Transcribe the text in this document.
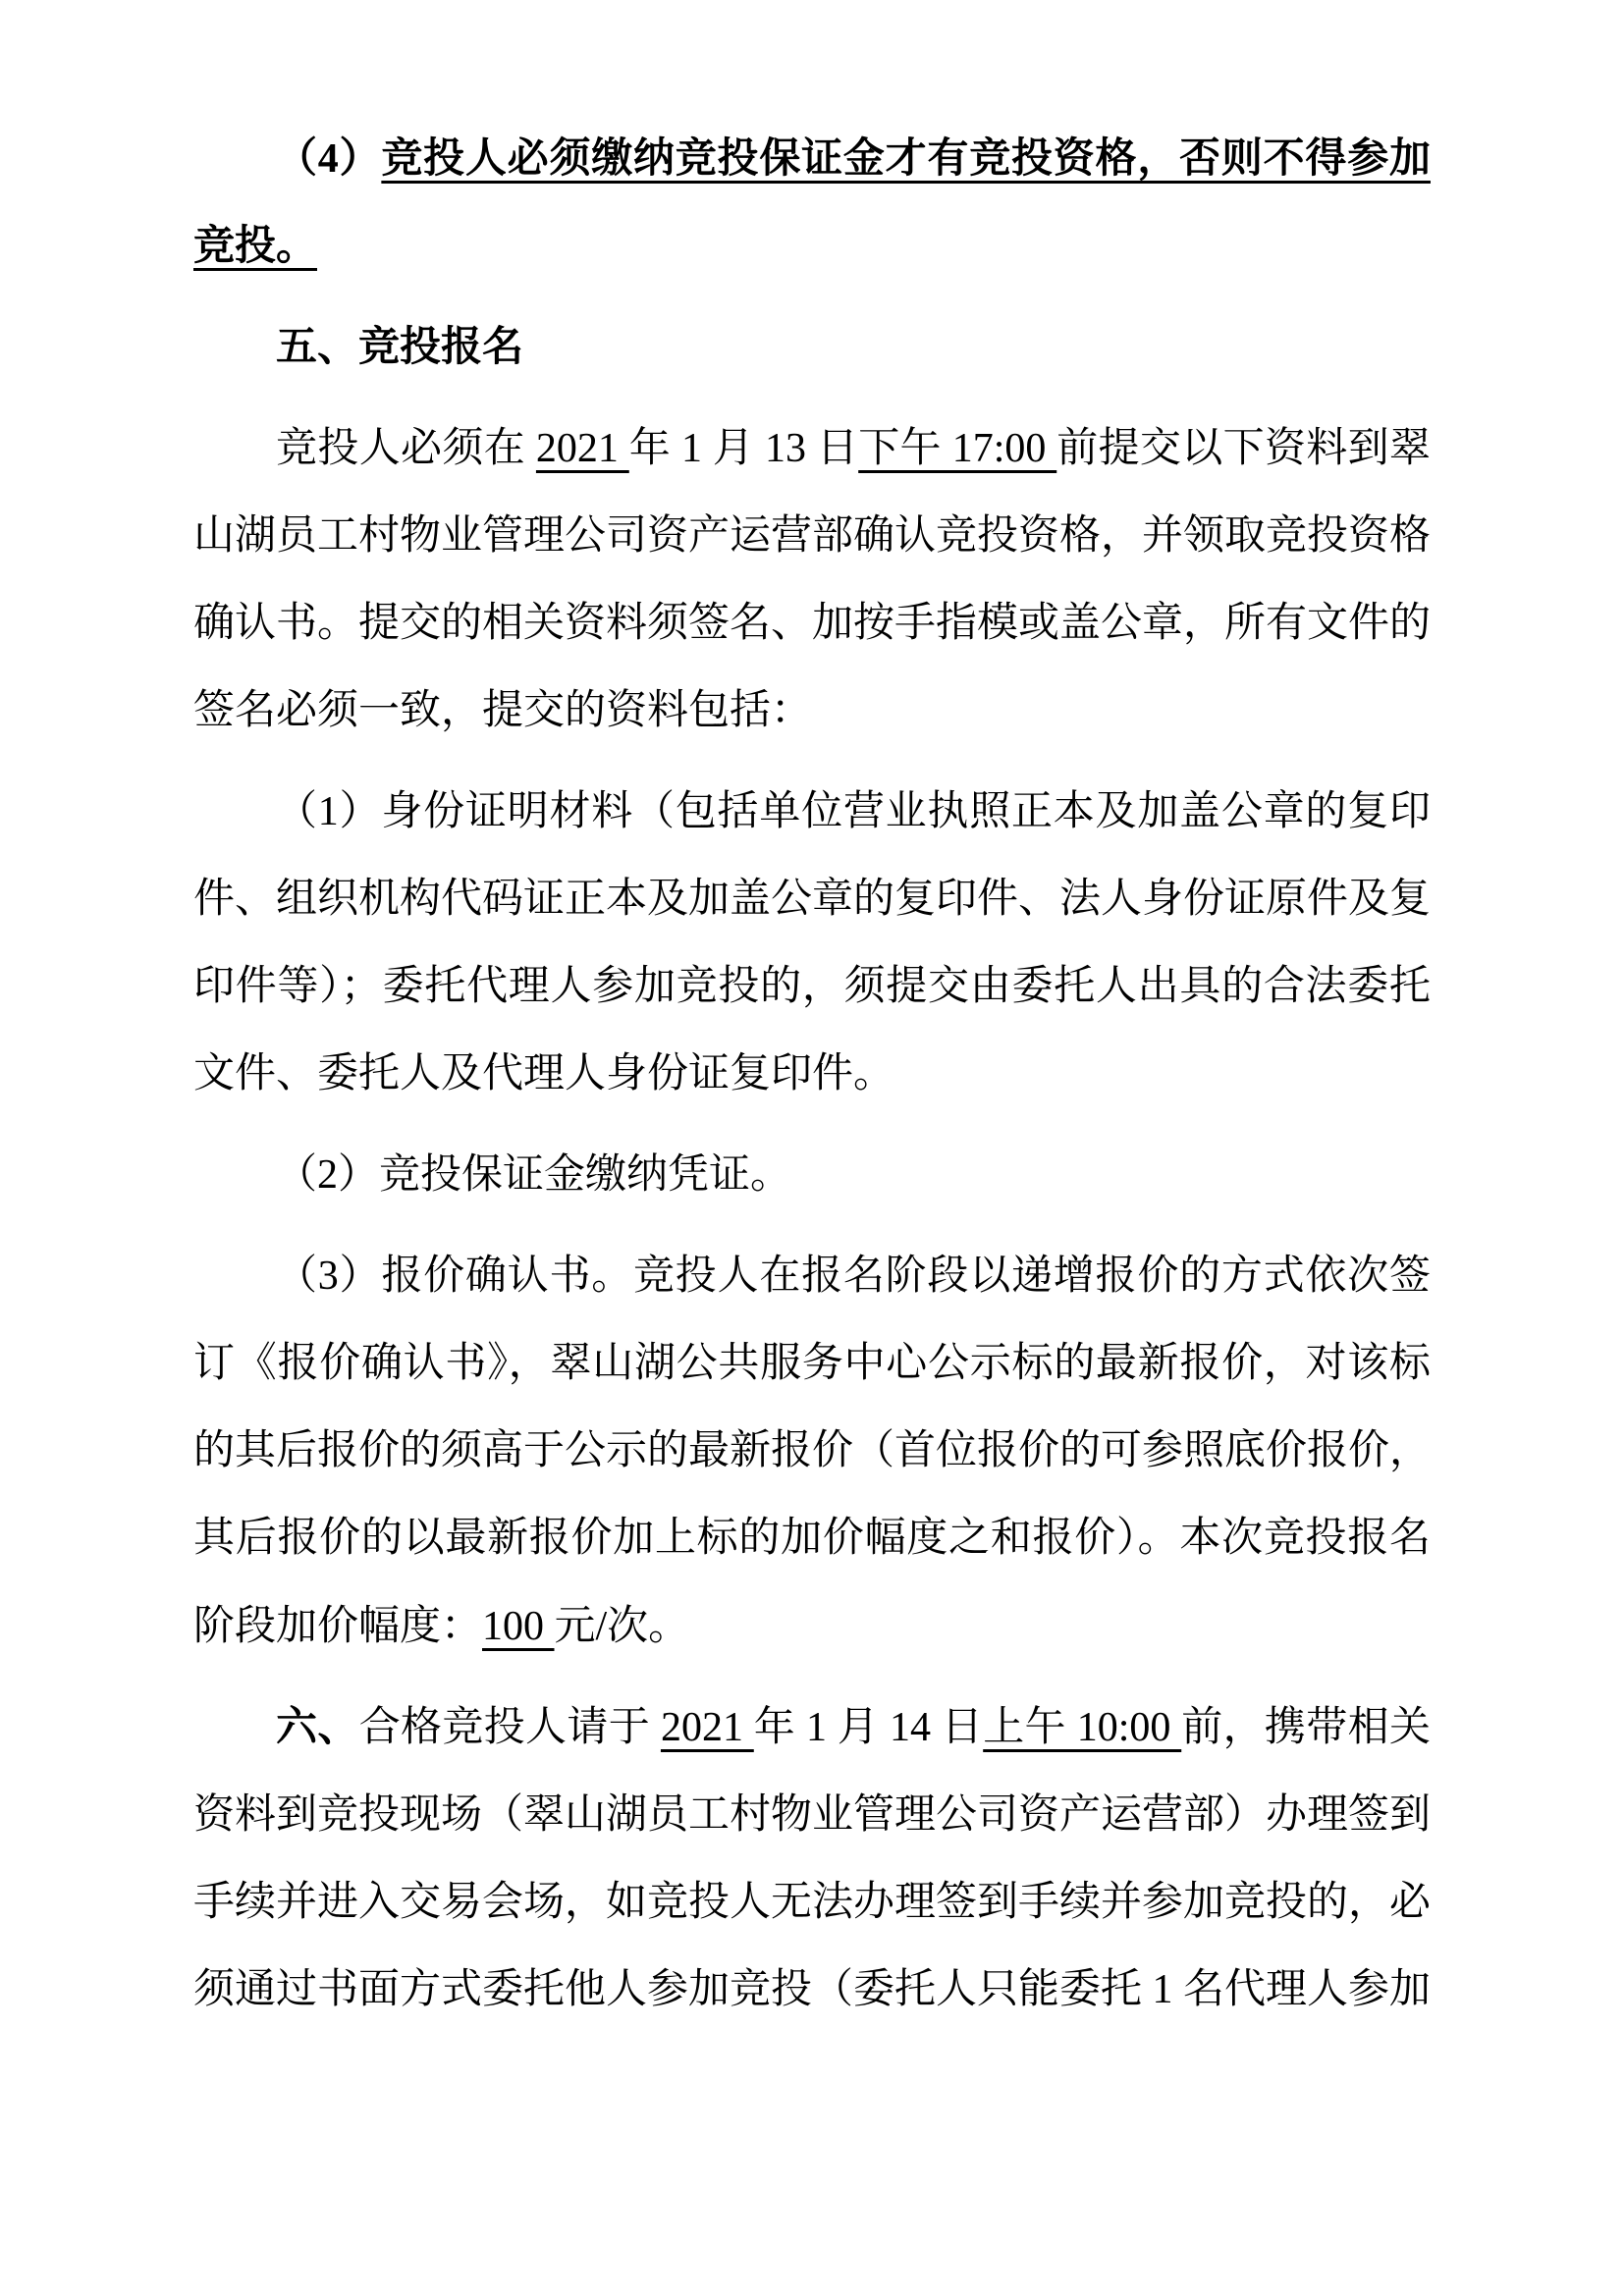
（4）竞投人必须缴纳竞投保证金才有竞投资格，否则不得参加竞投。

五、竞投报名

竞投人必须在 2021 年 1 月 13 日下午 17:00 前提交以下资料到翠山湖员工村物业管理公司资产运营部确认竞投资格，并领取竞投资格确认书。提交的相关资料须签名、加按手指模或盖公章，所有文件的签名必须一致，提交的资料包括：

（1）身份证明材料（包括单位营业执照正本及加盖公章的复印件、组织机构代码证正本及加盖公章的复印件、法人身份证原件及复印件等）；委托代理人参加竞投的，须提交由委托人出具的合法委托文件、委托人及代理人身份证复印件。

（2）竞投保证金缴纳凭证。

（3）报价确认书。竞投人在报名阶段以递增报价的方式依次签订《报价确认书》，翠山湖公共服务中心公示标的最新报价，对该标的其后报价的须高于公示的最新报价（首位报价的可参照底价报价，其后报价的以最新报价加上标的加价幅度之和报价）。本次竞投报名阶段加价幅度：100 元/次。

六、合格竞投人请于 2021 年 1 月 14 日上午 10:00 前，携带相关资料到竞投现场（翠山湖员工村物业管理公司资产运营部）办理签到手续并进入交易会场，如竞投人无法办理签到手续并参加竞投的，必须通过书面方式委托他人参加竞投（委托人只能委托 1 名代理人参加
